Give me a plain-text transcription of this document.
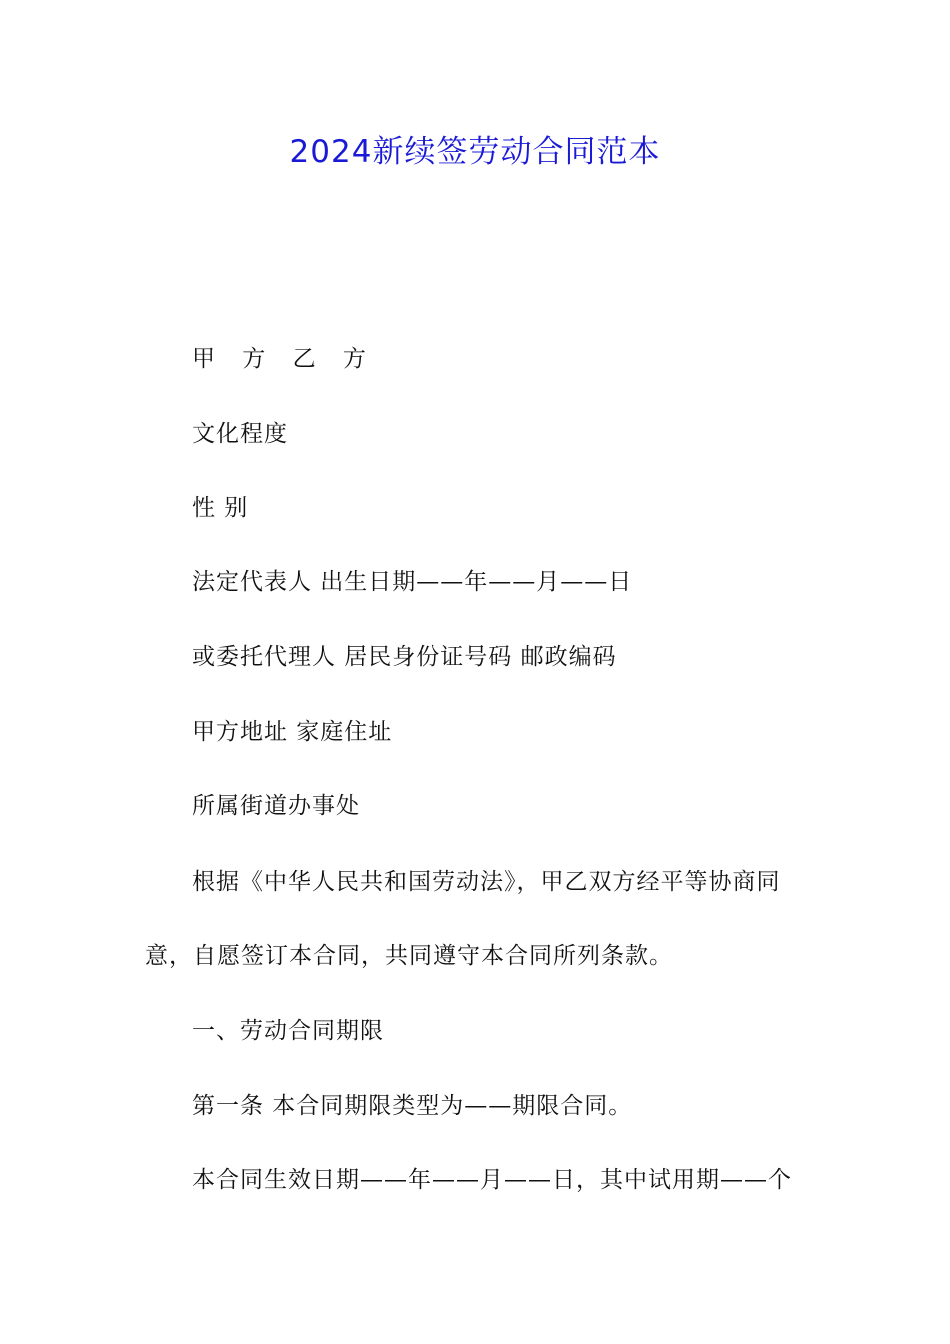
2024新续签劳动合同范本
甲 方 乙 方
文化程度
性 别
法定代表人 出生日期——年——月——日
或委托代理人 居民身份证号码 邮政编码
甲方地址 家庭住址
所属街道办事处
根据《中华人民共和国劳动法》，甲乙双方经平等协商同
意，自愿签订本合同，共同遵守本合同所列条款。
一、劳动合同期限
第一条 本合同期限类型为——期限合同。
本合同生效日期——年——月——日，其中试用期——个
